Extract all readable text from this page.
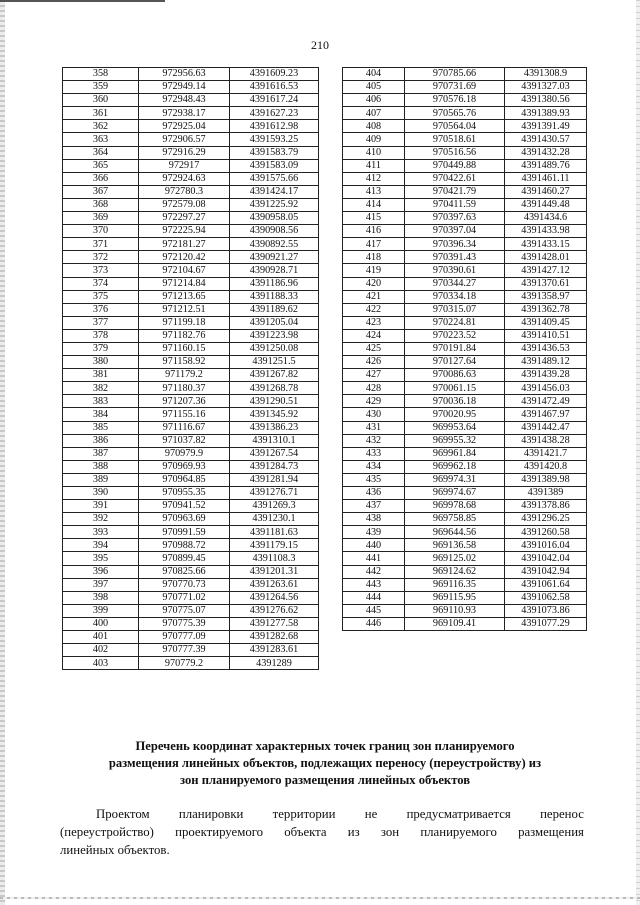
210
358	972956.63	4391609.23
359	972949.14	4391616.53
360	972948.43	4391617.24
361	972938.17	4391627.23
362	972925.04	4391612.98
363	972906.57	4391593.25
364	972916.29	4391583.79
365	972917	4391583.09
366	972924.63	4391575.66
367	972780.3	4391424.17
368	972579.08	4391225.92
369	972297.27	4390958.05
370	972225.94	4390908.56
371	972181.27	4390892.55
372	972120.42	4390921.27
373	972104.67	4390928.71
374	971214.84	4391186.96
375	971213.65	4391188.33
376	971212.51	4391189.62
377	971199.18	4391205.04
378	971182.76	4391223.98
379	971160.15	4391250.08
380	971158.92	4391251.5
381	971179.2	4391267.82
382	971180.37	4391268.78
383	971207.36	4391290.51
384	971155.16	4391345.92
385	971116.67	4391386.23
386	971037.82	4391310.1
387	970979.9	4391267.54
388	970969.93	4391284.73
389	970964.85	4391281.94
390	970955.35	4391276.71
391	970941.52	4391269.3
392	970963.69	4391230.1
393	970991.59	4391181.63
394	970988.72	4391179.15
395	970899.45	4391108.3
396	970825.66	4391201.31
397	970770.73	4391263.61
398	970771.02	4391264.56
399	970775.07	4391276.62
400	970775.39	4391277.58
401	970777.09	4391282.68
402	970777.39	4391283.61
403	970779.2	4391289
404	970785.66	4391308.9
405	970731.69	4391327.03
406	970576.18	4391380.56
407	970565.76	4391389.93
408	970564.04	4391391.49
409	970518.61	4391430.57
410	970516.56	4391432.28
411	970449.88	4391489.76
412	970422.61	4391461.11
413	970421.79	4391460.27
414	970411.59	4391449.48
415	970397.63	4391434.6
416	970397.04	4391433.98
417	970396.34	4391433.15
418	970391.43	4391428.01
419	970390.61	4391427.12
420	970344.27	4391370.61
421	970334.18	4391358.97
422	970315.07	4391362.78
423	970224.81	4391409.45
424	970223.52	4391410.51
425	970191.84	4391436.53
426	970127.64	4391489.12
427	970086.63	4391439.28
428	970061.15	4391456.03
429	970036.18	4391472.49
430	970020.95	4391467.97
431	969953.64	4391442.47
432	969955.32	4391438.28
433	969961.84	4391421.7
434	969962.18	4391420.8
435	969974.31	4391389.98
436	969974.67	4391389
437	969978.68	4391378.86
438	969758.85	4391296.25
439	969644.56	4391260.58
440	969136.58	4391016.04
441	969125.02	4391042.04
442	969124.62	4391042.94
443	969116.35	4391061.64
444	969115.95	4391062.58
445	969110.93	4391073.86
446	969109.41	4391077.29
Перечень координат характерных точек границ зон планируемого
размещения линейных объектов, подлежащих переносу (переустройству) из
зон планируемого размещения линейных объектов
Проектом планировки территории не предусматривается перенос
(переустройство) проектируемого объекта из зон планируемого размещения
линейных объектов.
